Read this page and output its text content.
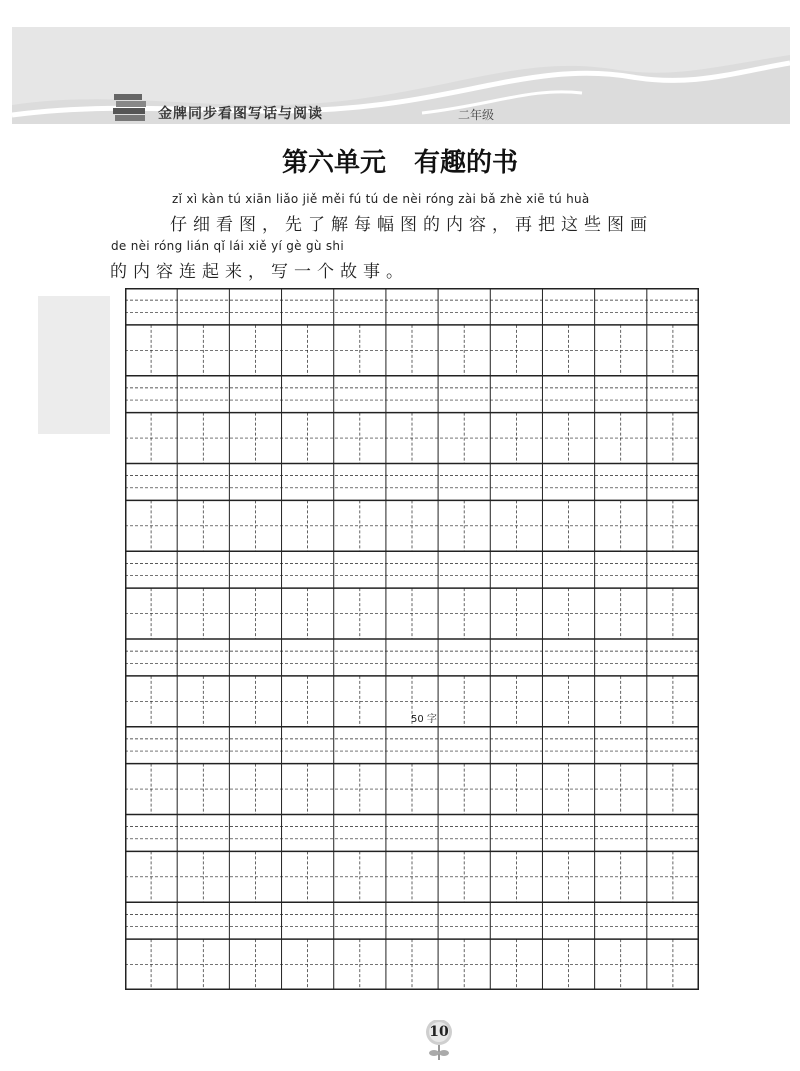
金牌同步看图写话与阅读	二年级
第六单元 有趣的书
zǐ xì kàn tú xiān liǎo jiě měi fú tú de nèi róng zài bǎ zhè xiē tú huà
仔细看图，先了解每幅图的内容，再把这些图画
de nèi róng lián qǐ lái xiě yí gè gù shi
的内容连起来，写一个故事。
50 字
10
